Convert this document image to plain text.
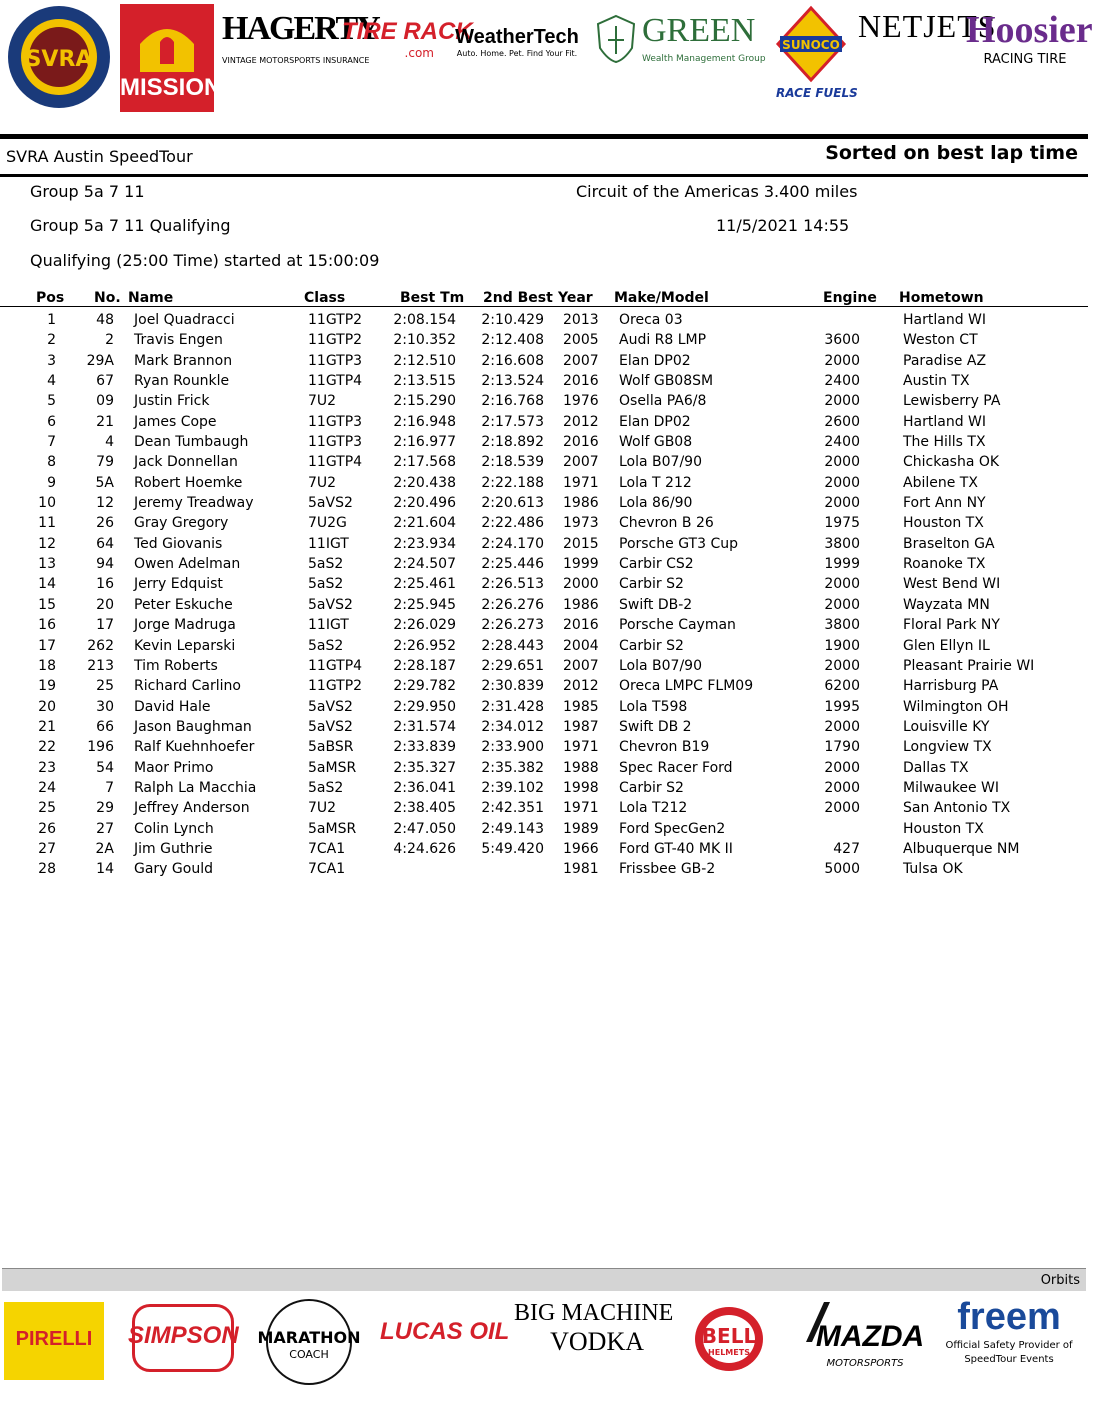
SVRA
MISSION
HAGERTY
VINTAGE MOTORSPORTS INSURANCE
TIRE RACK
.com
WeatherTech
Auto. Home. Pet. Find Your Fit.
GREEN
Wealth Management Group
SUNOCO
RACE FUELS
NETJETS
Hoosier
RACING TIRE
SVRA Austin SpeedTour	Sorted on best lap time
Group 5a 7 11	Circuit of the Americas 3.400 miles
Group 5a 7 11 Qualifying	11/5/2021 14:55
Qualifying (25:00 Time) started at 15:00:09
Pos No. Name	Class	Best Tm 2nd Best Year Make/Model	Engine Hometown
1	48 Joel Quadracci	11GTP2	2:08.154	2:10.429 2013 Oreca 03	Hartland WI
2	2 Travis Engen	11GTP2	2:10.352	2:12.408 2005 Audi R8 LMP	3600	Weston CT
3	29A Mark Brannon	11GTP3	2:12.510	2:16.608 2007 Elan DP02	2000	Paradise AZ
4	67 Ryan Rounkle	11GTP4	2:13.515	2:13.524 2016 Wolf GB08SM	2400	Austin TX
5	09 Justin Frick	7U2	2:15.290	2:16.768 1976 Osella PA6/8	2000	Lewisberry PA
6	21 James Cope	11GTP3	2:16.948	2:17.573 2012 Elan DP02	2600	Hartland WI
7	4 Dean Tumbaugh	11GTP3	2:16.977	2:18.892 2016 Wolf GB08	2400	The Hills TX
8	79 Jack Donnellan	11GTP4	2:17.568	2:18.539 2007 Lola B07/90	2000	Chickasha OK
9	5A Robert Hoemke	7U2	2:20.438	2:22.188 1971 Lola T 212	2000	Abilene TX
10	12 Jeremy Treadway	5aVS2	2:20.496	2:20.613 1986 Lola 86/90	2000	Fort Ann NY
11	26 Gray Gregory	7U2G	2:21.604	2:22.486 1973 Chevron B 26	1975	Houston TX
12	64 Ted Giovanis	11IGT	2:23.934	2:24.170 2015 Porsche GT3 Cup	3800	Braselton GA
13	94 Owen Adelman	5aS2	2:24.507	2:25.446 1999 Carbir CS2	1999	Roanoke TX
14	16 Jerry Edquist	5aS2	2:25.461	2:26.513 2000 Carbir S2	2000	West Bend WI
15	20 Peter Eskuche	5aVS2	2:25.945	2:26.276 1986 Swift DB-2	2000	Wayzata MN
16	17 Jorge Madruga	11IGT	2:26.029	2:26.273 2016 Porsche Cayman	3800	Floral Park NY
17	262 Kevin Leparski	5aS2	2:26.952	2:28.443 2004 Carbir S2	1900	Glen Ellyn IL
18	213 Tim Roberts	11GTP4	2:28.187	2:29.651 2007 Lola B07/90	2000	Pleasant Prairie WI
19	25 Richard Carlino	11GTP2	2:29.782	2:30.839 2012 Oreca LMPC FLM09	6200	Harrisburg PA
20	30 David Hale	5aVS2	2:29.950	2:31.428 1985 Lola T598	1995	Wilmington OH
21	66 Jason Baughman	5aVS2	2:31.574	2:34.012 1987 Swift DB 2	2000	Louisville KY
22	196 Ralf Kuehnhoefer	5aBSR	2:33.839	2:33.900 1971 Chevron B19	1790	Longview TX
23	54 Maor Primo	5aMSR	2:35.327	2:35.382 1988 Spec Racer Ford	2000	Dallas TX
24	7 Ralph La Macchia	5aS2	2:36.041	2:39.102 1998 Carbir S2	2000	Milwaukee WI
25	29 Jeffrey Anderson	7U2	2:38.405	2:42.351 1971 Lola T212	2000	San Antonio TX
26	27 Colin Lynch	5aMSR	2:47.050	2:49.143 1989 Ford SpecGen2	Houston TX
27	2A Jim Guthrie	7CA1	4:24.626	5:49.420 1966 Ford GT-40 MK II	427	Albuquerque NM
28	14 Gary Gould	7CA1	1981 Frissbee GB-2	5000	Tulsa OK
Orbits
PIRELLI	SIMPSON	MARATHON
COACH
LUCAS OIL
BIG MACHINE
VODKA	BELL
HELMETS	MAZDA
MOTORSPORTS
freem
Official Safety Provider of SpeedTour Events
